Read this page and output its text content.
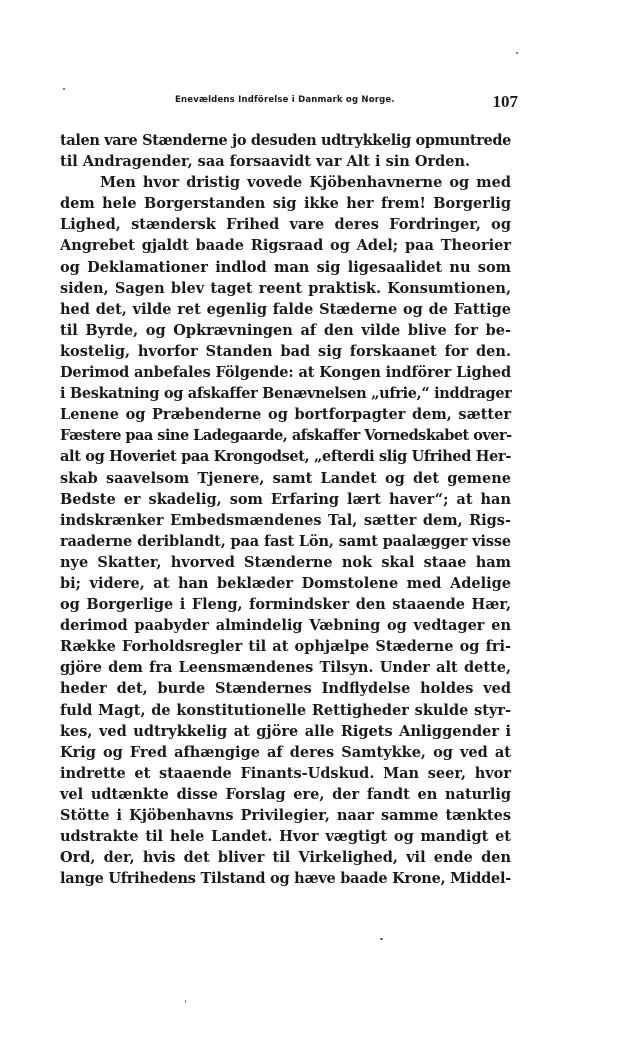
Enevældens Indförelse i Danmark og Norge.	107
talen vare Stænderne jo desuden udtrykkelig opmuntrede
til Andragender, saa forsaavidt var Alt i sin Orden.
Men hvor dristig vovede Kjöbenhavnerne og med
dem hele Borgerstanden sig ikke her frem! Borgerlig
Lighed, stændersk Frihed vare deres Fordringer, og
Angrebet gjaldt baade Rigsraad og Adel; paa Theorier
og Deklamationer indlod man sig ligesaalidet nu som
siden, Sagen blev taget reent praktisk. Konsumtionen,
hed det, vilde ret egenlig falde Stæderne og de Fattige
til Byrde, og Opkrævningen af den vilde blive for be-
kostelig, hvorfor Standen bad sig forskaanet for den.
Derimod anbefales Fölgende: at Kongen indförer Lighed
i Beskatning og afskaffer Benævnelsen „ufrie,“ inddrager
Lenene og Præbenderne og bortforpagter dem, sætter
Fæstere paa sine Ladegaarde, afskaffer Vornedskabet over-
alt og Hoveriet paa Krongodset, „efterdi slig Ufrihed Her-
skab saavelsom Tjenere, samt Landet og det gemene
Bedste er skadelig, som Erfaring lært haver“; at han
indskrænker Embedsmændenes Tal, sætter dem, Rigs-
raaderne deriblandt, paa fast Lön, samt paalægger visse
nye Skatter, hvorved Stænderne nok skal staae ham
bi; videre, at han beklæder Domstolene med Adelige
og Borgerlige i Fleng, formindsker den staaende Hær,
derimod paabyder almindelig Væbning og vedtager en
Række Forholdsregler til at ophjælpe Stæderne og fri-
gjöre dem fra Leensmændenes Tilsyn. Under alt dette,
heder det, burde Stændernes Indflydelse holdes ved
fuld Magt, de konstitutionelle Rettigheder skulde styr-
kes, ved udtrykkelig at gjöre alle Rigets Anliggender i
Krig og Fred afhængige af deres Samtykke, og ved at
indrette et staaende Finants-Udskud. Man seer, hvor
vel udtænkte disse Forslag ere, der fandt en naturlig
Stötte i Kjöbenhavns Privilegier, naar samme tænktes
udstrakte til hele Landet. Hvor vægtigt og mandigt et
Ord, der, hvis det bliver til Virkelighed, vil ende den
lange Ufrihedens Tilstand og hæve baade Krone, Middel-
